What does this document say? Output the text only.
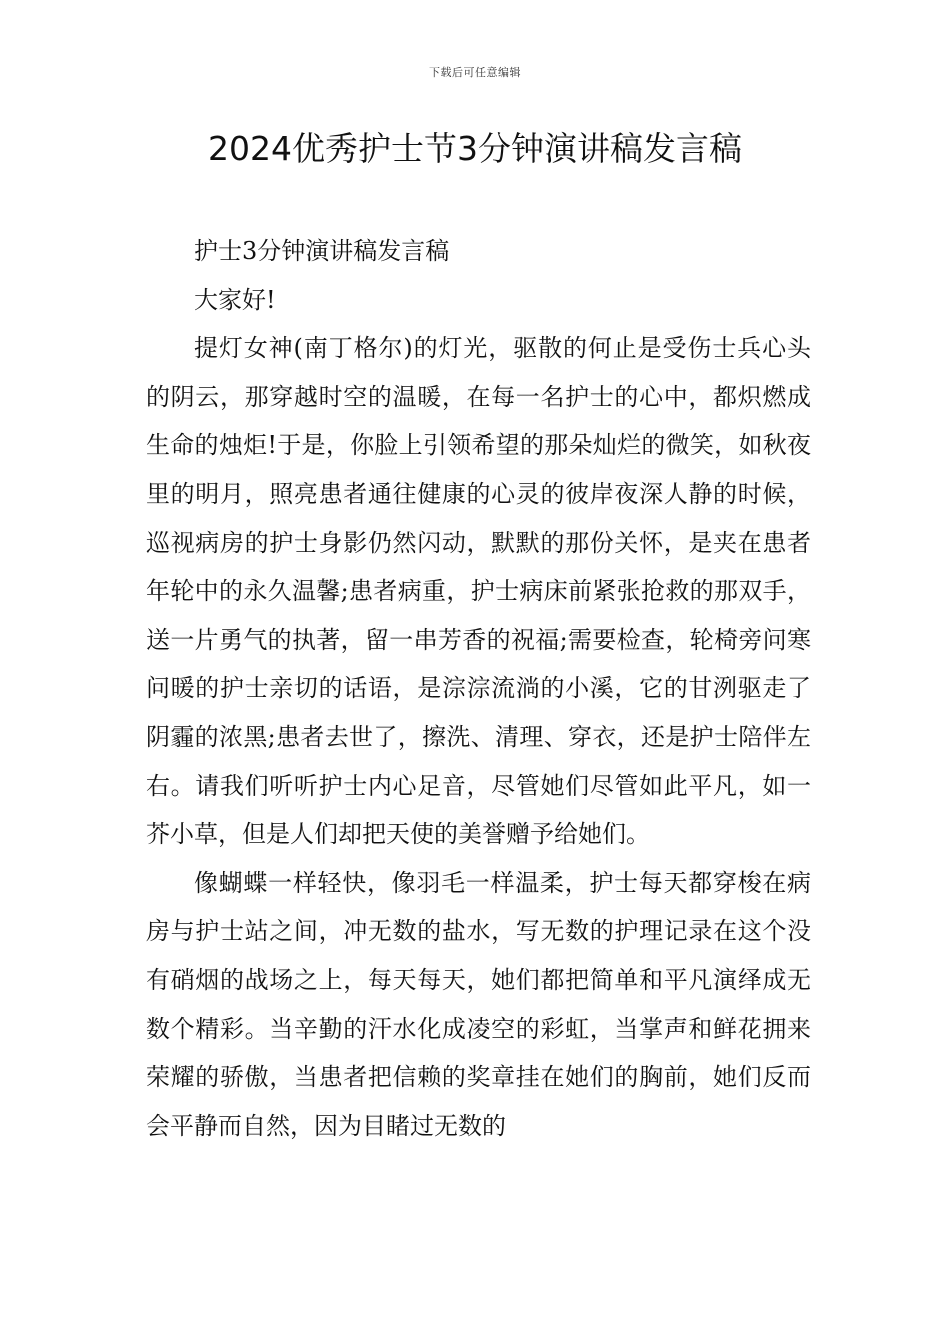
下载后可任意编辑
2024优秀护士节3分钟演讲稿发言稿

护士3分钟演讲稿发言稿

大家好!

提灯女神(南丁格尔)的灯光，驱散的何止是受伤士兵心头的阴云，那穿越时空的温暖，在每一名护士的心中，都炽燃成生命的烛炬!于是，你脸上引领希望的那朵灿烂的微笑，如秋夜里的明月，照亮患者通往健康的心灵的彼岸夜深人静的时候，巡视病房的护士身影仍然闪动，默默的那份关怀，是夹在患者年轮中的永久温馨;患者病重，护士病床前紧张抢救的那双手，送一片勇气的执著，留一串芳香的祝福;需要检查，轮椅旁问寒问暖的护士亲切的话语，是淙淙流淌的小溪，它的甘洌驱走了阴霾的浓黑;患者去世了，擦洗、清理、穿衣，还是护士陪伴左右。请我们听听护士内心足音，尽管她们尽管如此平凡，如一芥小草，但是人们却把天使的美誉赠予给她们。

像蝴蝶一样轻快，像羽毛一样温柔，护士每天都穿梭在病房与护士站之间，冲无数的盐水，写无数的护理记录在这个没有硝烟的战场之上，每天每天，她们都把简单和平凡演绎成无数个精彩。当辛勤的汗水化成凌空的彩虹，当掌声和鲜花拥来荣耀的骄傲，当患者把信赖的奖章挂在她们的胸前，她们反而会平静而自然，因为目睹过无数的
